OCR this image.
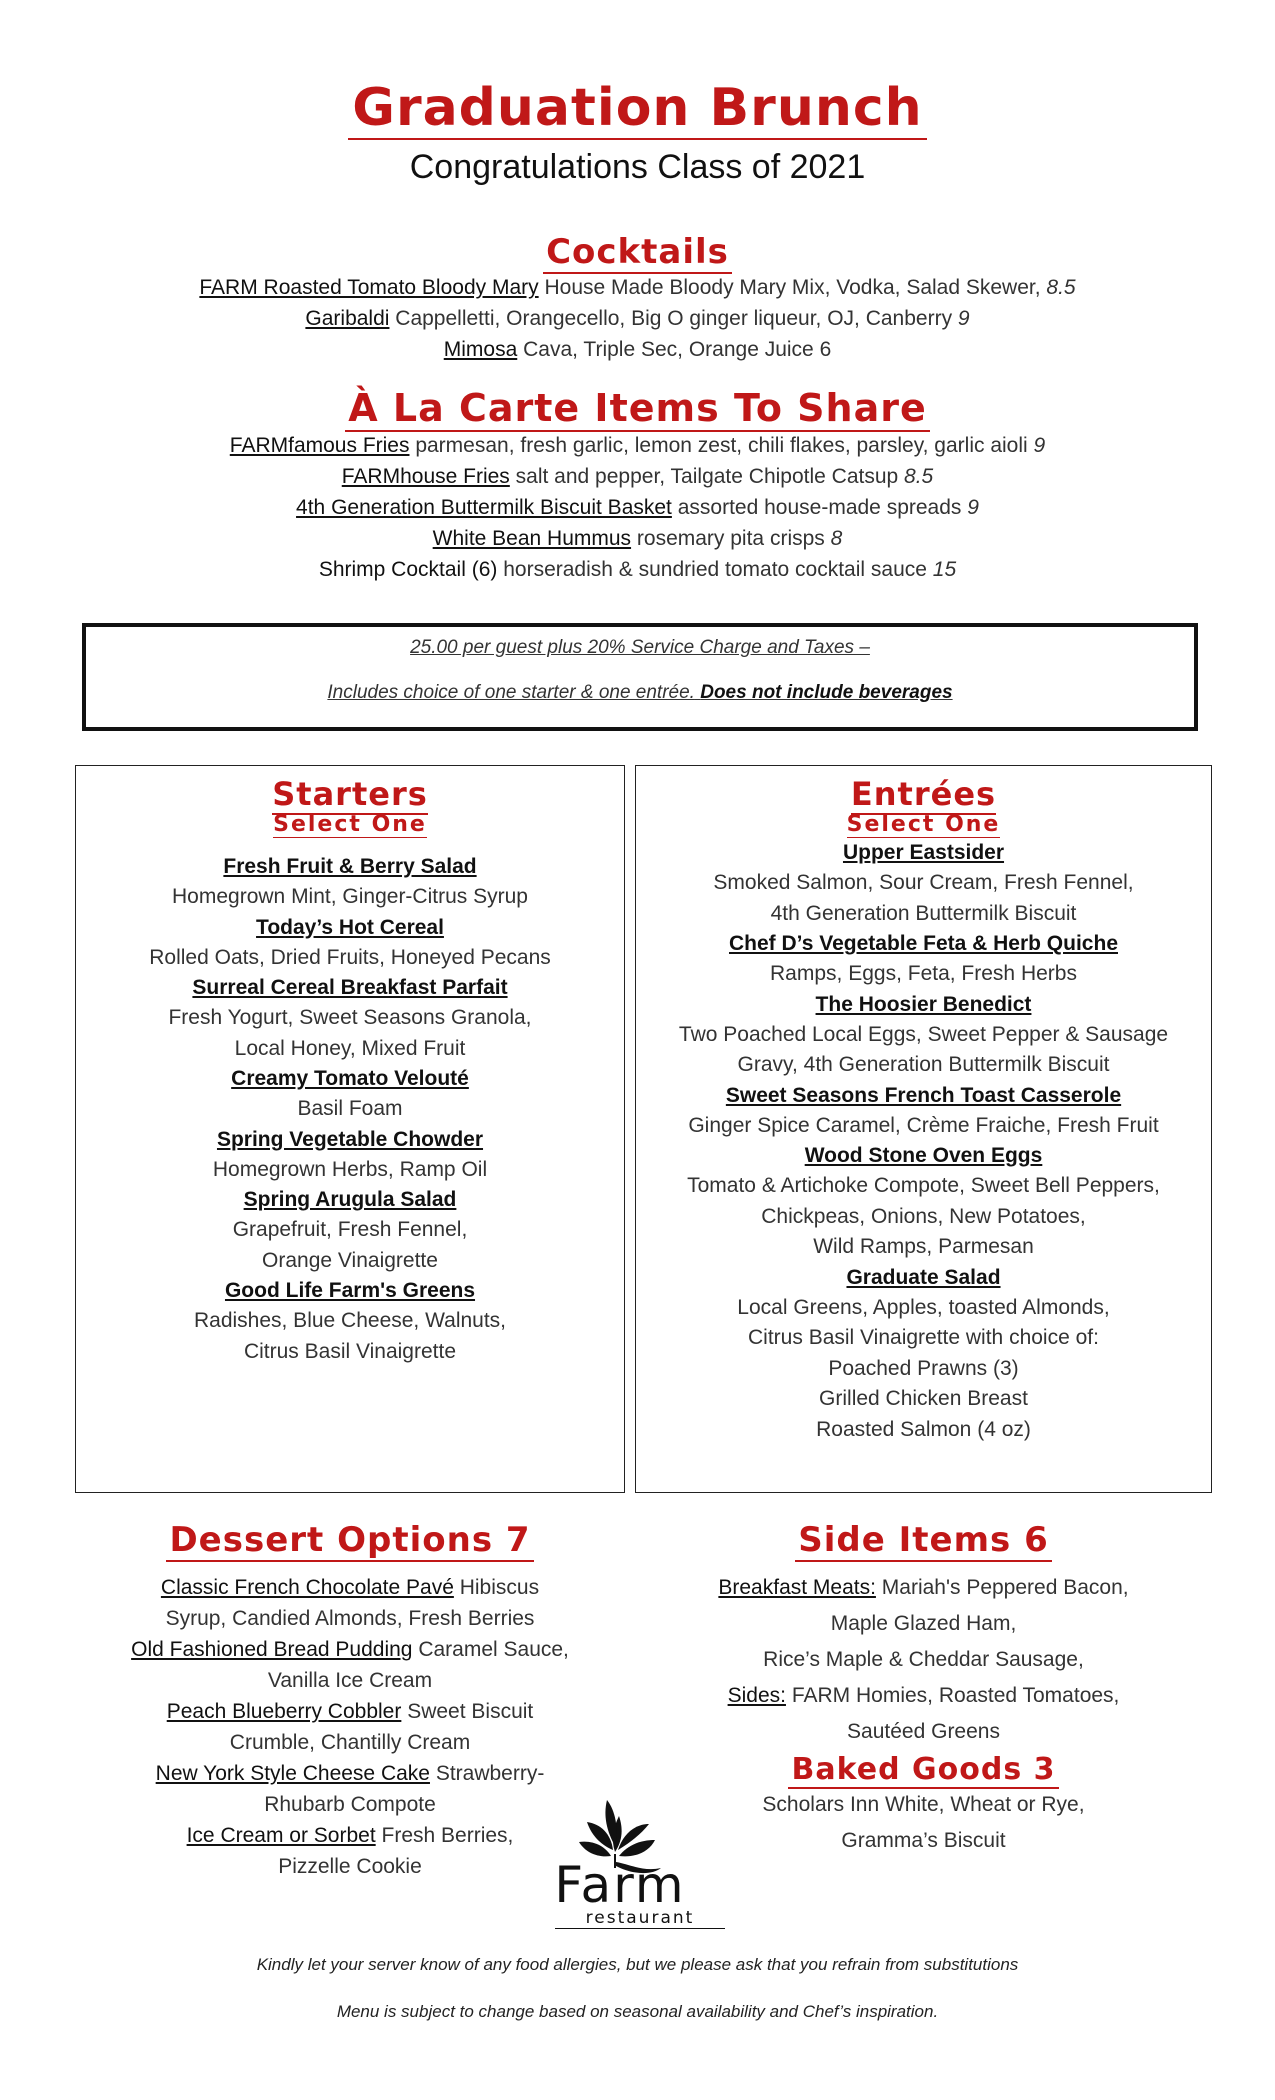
Graduation Brunch
Congratulations Class of 2021
Cocktails
FARM Roasted Tomato Bloody Mary House Made Bloody Mary Mix, Vodka, Salad Skewer, 8.5
Garibaldi Cappelletti, Orangecello, Big O ginger liqueur, OJ, Canberry 9
Mimosa Cava, Triple Sec, Orange Juice 6
À La Carte Items To Share
FARMfamous Fries parmesan, fresh garlic, lemon zest, chili flakes, parsley, garlic aioli 9
FARMhouse Fries salt and pepper, Tailgate Chipotle Catsup 8.5
4th Generation Buttermilk Biscuit Basket assorted house-made spreads 9
White Bean Hummus rosemary pita crisps 8
Shrimp Cocktail (6) horseradish & sundried tomato cocktail sauce 15
25.00 per guest plus 20% Service Charge and Taxes –
Includes choice of one starter & one entrée. Does not include beverages
Starters
Select One
Fresh Fruit & Berry Salad
Homegrown Mint, Ginger-Citrus Syrup
Today’s Hot Cereal
Rolled Oats, Dried Fruits, Honeyed Pecans
Surreal Cereal Breakfast Parfait
Fresh Yogurt, Sweet Seasons Granola,
Local Honey, Mixed Fruit
Creamy Tomato Velouté
Basil Foam
Spring Vegetable Chowder
Homegrown Herbs, Ramp Oil
Spring Arugula Salad
Grapefruit, Fresh Fennel,
Orange Vinaigrette
Good Life Farm's Greens
Radishes, Blue Cheese, Walnuts,
Citrus Basil Vinaigrette
Entrées
Select One
Upper Eastsider
Smoked Salmon, Sour Cream, Fresh Fennel,
4th Generation Buttermilk Biscuit
Chef D’s Vegetable Feta & Herb Quiche
Ramps, Eggs, Feta, Fresh Herbs
The Hoosier Benedict
Two Poached Local Eggs, Sweet Pepper & Sausage
Gravy, 4th Generation Buttermilk Biscuit
Sweet Seasons French Toast Casserole
Ginger Spice Caramel, Crème Fraiche, Fresh Fruit
Wood Stone Oven Eggs
Tomato & Artichoke Compote, Sweet Bell Peppers,
Chickpeas, Onions, New Potatoes,
Wild Ramps, Parmesan
Graduate Salad
Local Greens, Apples, toasted Almonds,
Citrus Basil Vinaigrette with choice of:
Poached Prawns (3)
Grilled Chicken Breast
Roasted Salmon (4 oz)
Dessert Options 7
Classic French Chocolate Pavé Hibiscus Syrup, Candied Almonds, Fresh Berries
Old Fashioned Bread Pudding Caramel Sauce, Vanilla Ice Cream
Peach Blueberry Cobbler Sweet Biscuit Crumble, Chantilly Cream
New York Style Cheese Cake Strawberry-Rhubarb Compote
Ice Cream or Sorbet Fresh Berries, Pizzelle Cookie
Side Items 6
Breakfast Meats: Mariah's Peppered Bacon,
Maple Glazed Ham,
Rice’s Maple & Cheddar Sausage,
Sides: FARM Homies, Roasted Tomatoes,
Sautéed Greens
Baked Goods 3
Scholars Inn White, Wheat or Rye,
Gramma’s Biscuit
Farm
restaurant
Kindly let your server know of any food allergies, but we please ask that you refrain from substitutions
Menu is subject to change based on seasonal availability and Chef’s inspiration.
